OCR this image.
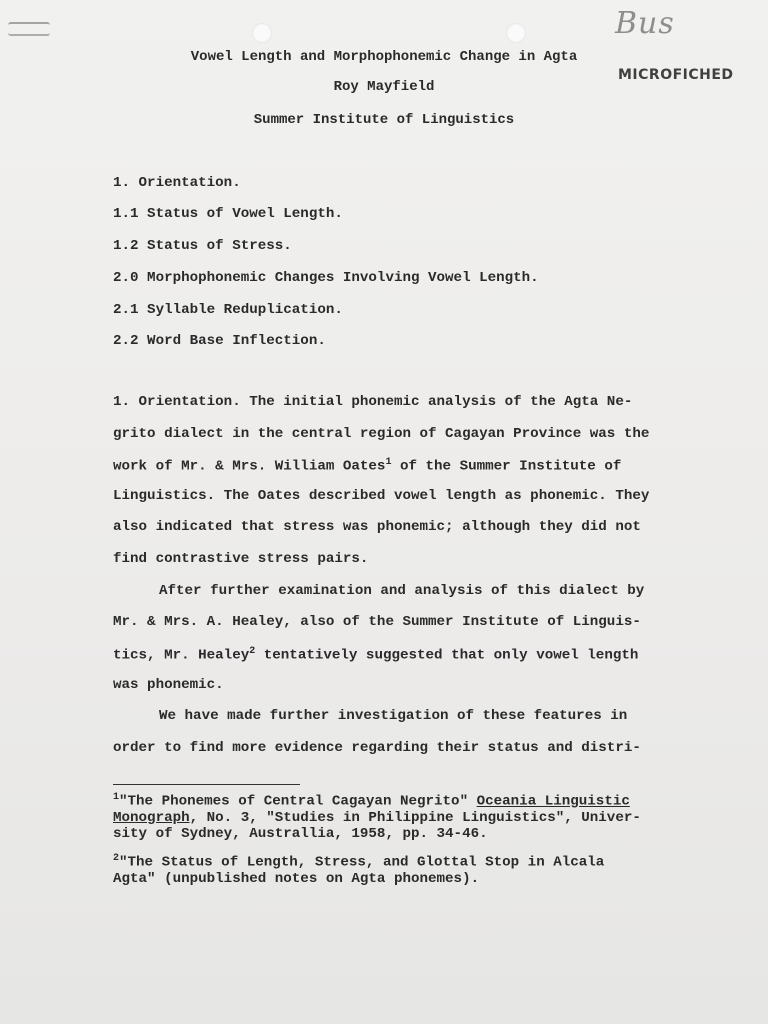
Bus
MICROFICHED
Vowel Length and Morphophonemic Change in Agta
Roy Mayfield
Summer Institute of Linguistics
1. Orientation.
1.1 Status of Vowel Length.
1.2 Status of Stress.
2.0 Morphophonemic Changes Involving Vowel Length.
2.1 Syllable Reduplication.
2.2 Word Base Inflection.
1. Orientation. The initial phonemic analysis of the Agta Ne-
grito dialect in the central region of Cagayan Province was the
work of Mr. & Mrs. William Oates$^1$ of the Summer Institute of
Linguistics. The Oates described vowel length as phonemic. They
also indicated that stress was phonemic; although they did not
find contrastive stress pairs.
After further examination and analysis of this dialect by
Mr. & Mrs. A. Healey, also of the Summer Institute of Linguis-
tics, Mr. Healey$^2$ tentatively suggested that only vowel length
was phonemic.
We have made further investigation of these features in
order to find more evidence regarding their status and distri-
$^1$"The Phonemes of Central Cagayan Negrito" Oceania Linguistic
Monograph, No. 3, "Studies in Philippine Linguistics", Univer-
sity of Sydney, Australlia, 1958, pp. 34-46.
$^2$"The Status of Length, Stress, and Glottal Stop in Alcala
Agta" (unpublished notes on Agta phonemes).
